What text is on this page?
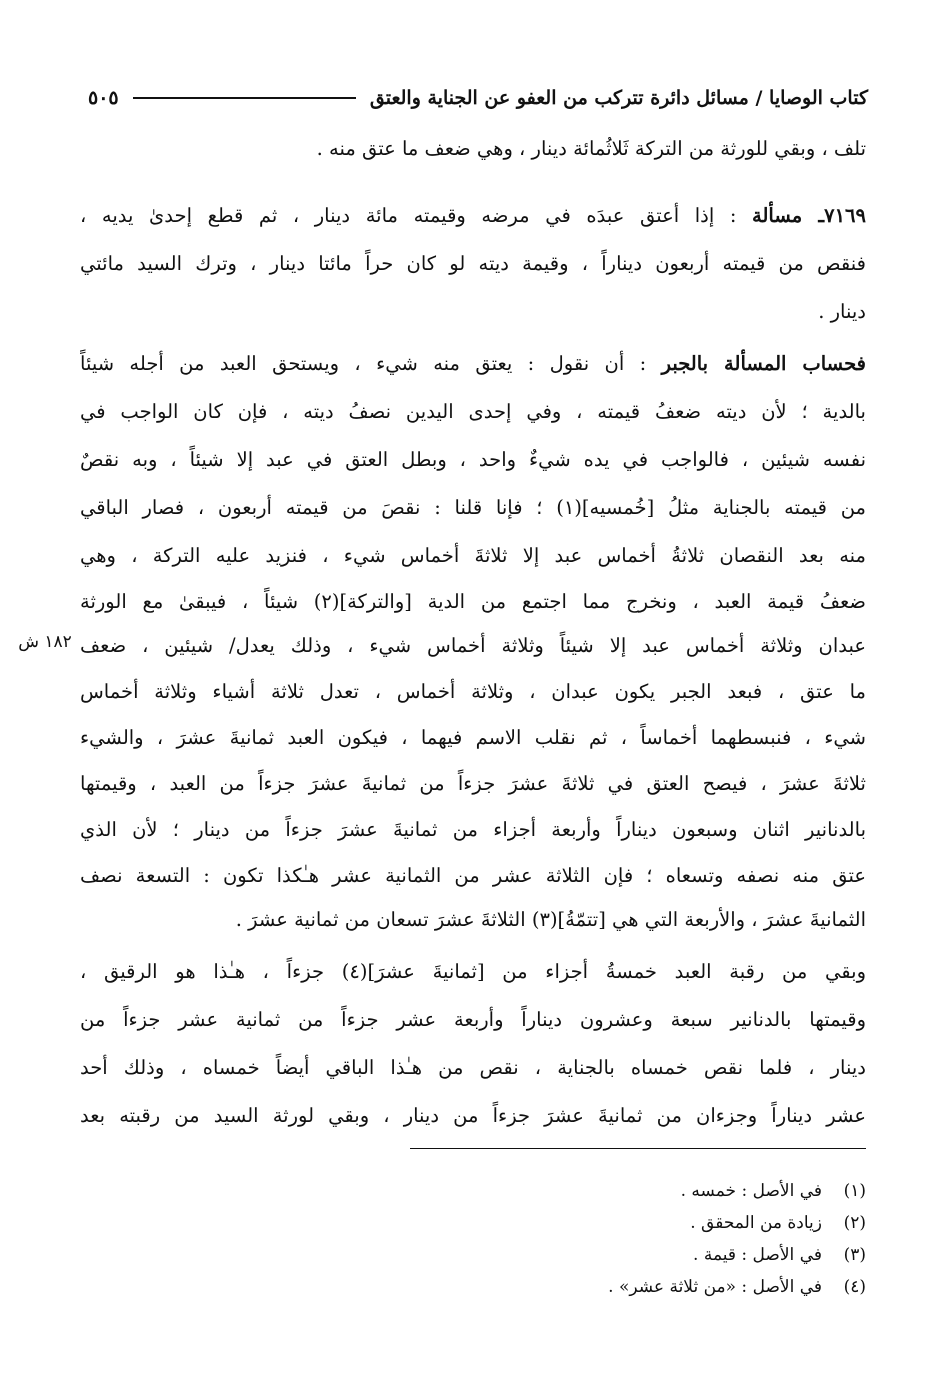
كتاب الوصايا / مسائل دائرة تتركب من العفو عن الجناية والعتق
٥٠٥
١٨٢ ش
تلف ، وبقي للورثة من التركة ثَلاثُمائة دينار ، وهي ضعف ما عتق منه .
٧١٦٩ـ مسألة : إذا أعتق عبدَه في مرضه وقيمته مائة دينار ، ثم قطع إحدىٰ يديه ،
فنقص من قيمته أربعون ديناراً ، وقيمة ديته لو كان حراً مائتا دينار ، وترك السيد مائتي
دينار .
فحساب المسألة بالجبر : أن نقول : يعتق منه شيء ، ويستحق العبد من أجله شيئاً
بالدية ؛ لأن ديته ضعفُ قيمته ، وفي إحدى اليدين نصفُ ديته ، فإن كان الواجب في
نفسه شيئين ، فالواجب في يده شيءٌ واحد ، وبطل العتق في عبد إلا شيئاً ، وبه نقصٌ
من قيمته بالجناية مثلُ [خُمسيه](١) ؛ فإنا قلنا : نقصَ من قيمته أربعون ، فصار الباقي
منه بعد النقصان ثلاثةُ أخماس عبد إلا ثلاثةَ أخماس شيء ، فنزيد عليه التركة ، وهي
ضعفُ قيمة العبد ، ونخرج مما اجتمع من الدية [والتركة](٢) شيئاً ، فيبقىٰ مع الورثة
عبدان وثلاثة أخماس عبد إلا شيئاً وثلاثة أخماس شيء ، وذلك يعدل/ شيئين ، ضعف
ما عتق ، فبعد الجبر يكون عبدان ، وثلاثة أخماس ، تعدل ثلاثة أشياء وثلاثة أخماس
شيء ، فنبسطهما أخماساً ، ثم نقلب الاسم فيهما ، فيكون العبد ثمانيةَ عشرَ ، والشيء
ثلاثةَ عشرَ ، فيصح العتق في ثلاثةَ عشرَ جزءاً من ثمانيةَ عشرَ جزءاً من العبد ، وقيمتها
بالدنانير اثنان وسبعون ديناراً وأربعة أجزاء من ثمانيةَ عشرَ جزءاً من دينار ؛ لأن الذي
عتق منه نصفه وتسعاه ؛ فإن الثلاثة عشر من الثمانية عشر هـٰكذا تكون : التسعة نصف
الثمانيةَ عشرَ ، والأربعة التي هي [تتمّةُ](٣) الثلاثةَ عشرَ تسعان من ثمانية عشرَ .
وبقي من رقبة العبد خمسةُ أجزاء من [ثمانيةَ عشرَ](٤) جزءاً ، هـٰذا هو الرقيق ،
وقيمتها بالدنانير سبعة وعشرون ديناراً وأربعة عشر جزءاً من ثمانية عشر جزءاً من
دينار ، فلما نقص خمساه بالجناية ، نقص من هـٰذا الباقي أيضاً خمساه ، وذلك أحد
عشر ديناراً وجزءان من ثمانيةَ عشرَ جزءاً من دينار ، وبقي لورثة السيد من رقبته بعد
(١)في الأصل : خمسه .
(٢)زيادة من المحقق .
(٣)في الأصل : قيمة .
(٤)في الأصل : «من ثلاثة عشر» .
